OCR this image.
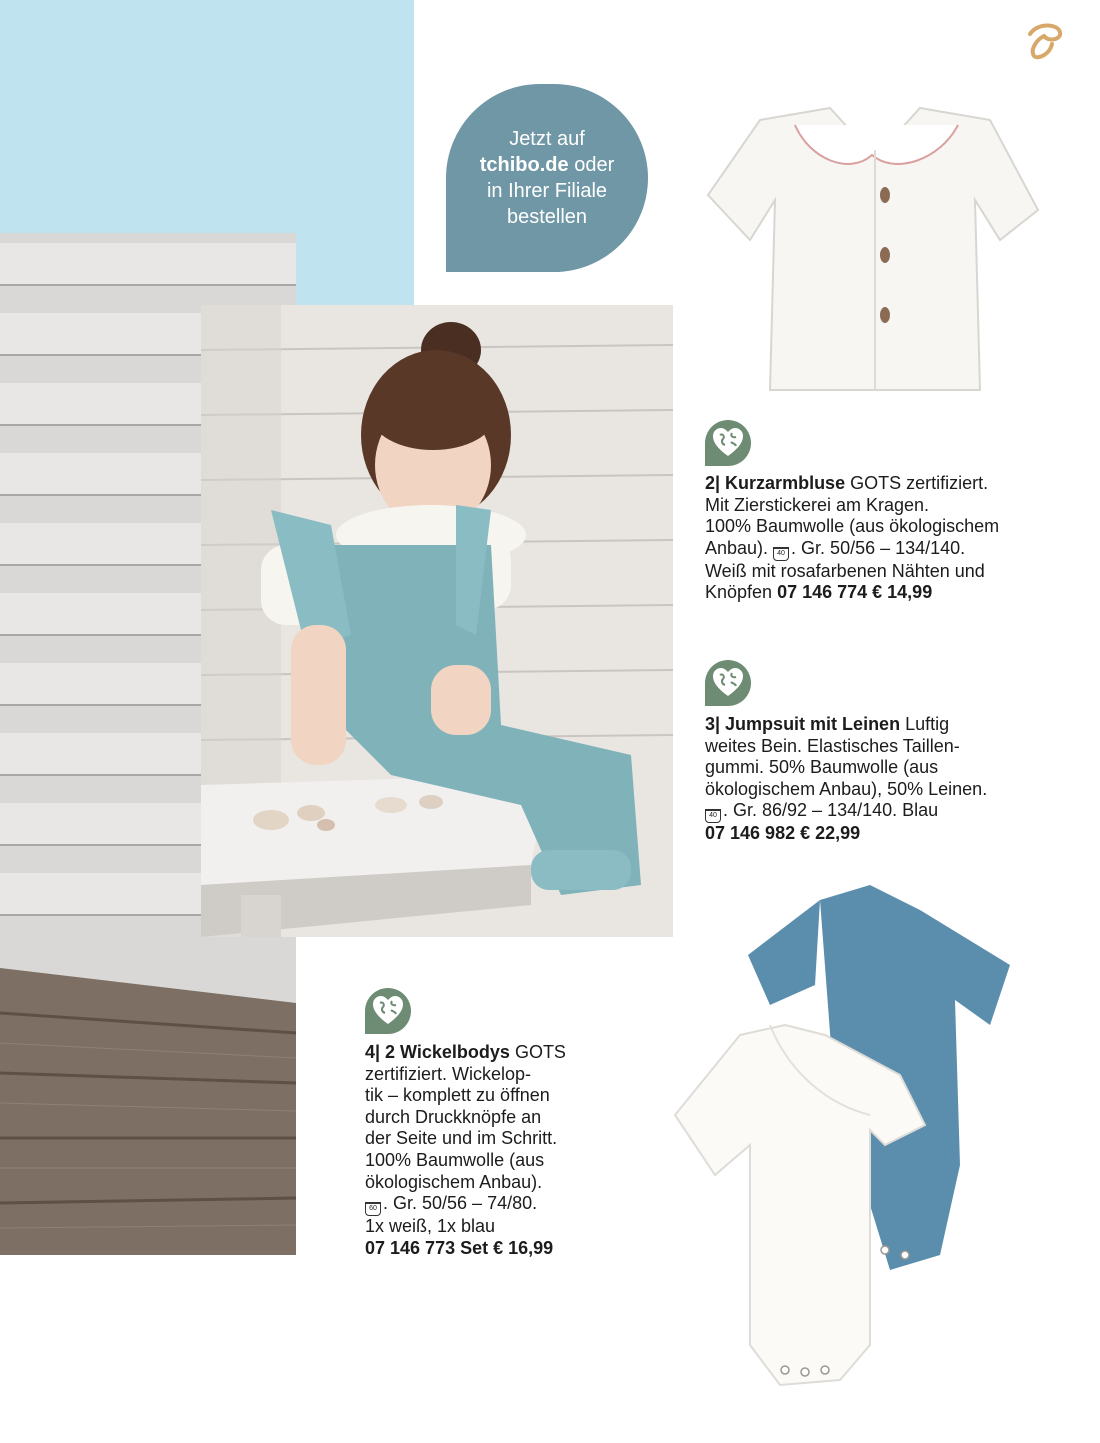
Jetzt auf
tchibo.de oder
in Ihrer Filiale
bestellen
2| Kurzarmbluse GOTS zertifiziert.
Mit Zierstickerei am Kragen.
100% Baumwolle (aus ökologischem
Anbau). 40 . Gr. 50/56 – 134/140.
Weiß mit rosafarbenen Nähten und
Knöpfen 07 146 774 € 14,99
3| Jumpsuit mit Leinen Luftig
weites Bein. Elastisches Taillen-
gummi. 50% Baumwolle (aus
ökologischem Anbau), 50% Leinen.
40 . Gr. 86/92 – 134/140. Blau
07 146 982 € 22,99
4| 2 Wickelbodys GOTS
zertifiziert. Wickelop-
tik – komplett zu öffnen
durch Druckknöpfe an
der Seite und im Schritt.
100% Baumwolle (aus
ökologischem Anbau).
60 . Gr. 50/56 – 74/80.
1x weiß, 1x blau
07 146 773 Set € 16,99
